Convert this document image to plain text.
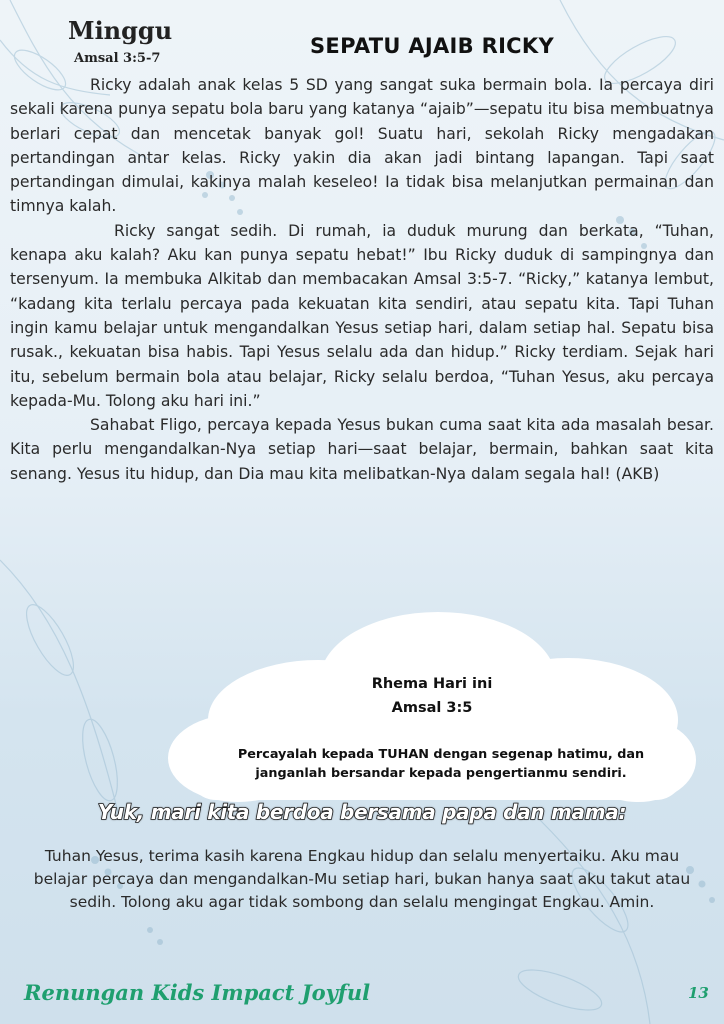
Minggu
Amsal 3:5-7
SEPATU AJAIB RICKY

Ricky adalah anak kelas 5 SD yang sangat suka bermain bola. Ia percaya diri sekali karena punya sepatu bola baru yang katanya “ajaib”—sepatu itu bisa membuatnya berlari cepat dan mencetak banyak gol! Suatu hari, sekolah Ricky mengadakan pertandingan antar kelas. Ricky yakin dia akan jadi bintang lapangan. Tapi saat pertandingan dimulai, kakinya malah keseleo! Ia tidak bisa melanjutkan permainan dan timnya kalah.

Ricky sangat sedih. Di rumah, ia duduk murung dan berkata, “Tuhan, kenapa aku kalah? Aku kan punya sepatu hebat!” Ibu Ricky duduk di sampingnya dan tersenyum. Ia membuka Alkitab dan membacakan Amsal 3:5-7. “Ricky,” katanya lembut, “kadang kita terlalu percaya pada kekuatan kita sendiri, atau sepatu kita. Tapi Tuhan ingin kamu belajar untuk mengandalkan Yesus setiap hari, dalam setiap hal. Sepatu bisa rusak., kekuatan bisa habis. Tapi Yesus selalu ada dan hidup.” Ricky terdiam. Sejak hari itu, sebelum bermain bola atau belajar, Ricky selalu berdoa, “Tuhan Yesus, aku percaya kepada-Mu. Tolong aku hari ini.”

Sahabat Fligo, percaya kepada Yesus bukan cuma saat kita ada masalah besar. Kita perlu mengandalkan-Nya setiap hari—saat belajar, bermain, bahkan saat kita senang. Yesus itu hidup, dan Dia mau kita melibatkan-Nya dalam segala hal! (AKB)

Rhema Hari ini
Amsal 3:5
Percayalah kepada TUHAN dengan segenap hatimu, dan janganlah bersandar kepada pengertianmu sendiri.
Yuk, mari kita berdoa bersama papa dan mama:
Tuhan Yesus, terima kasih karena Engkau hidup dan selalu menyertaiku. Aku mau belajar percaya dan mengandalkan-Mu setiap hari, bukan hanya saat aku takut atau sedih. Tolong aku agar tidak sombong dan selalu mengingat Engkau. Amin.
Renungan Kids Impact Joyful	13
